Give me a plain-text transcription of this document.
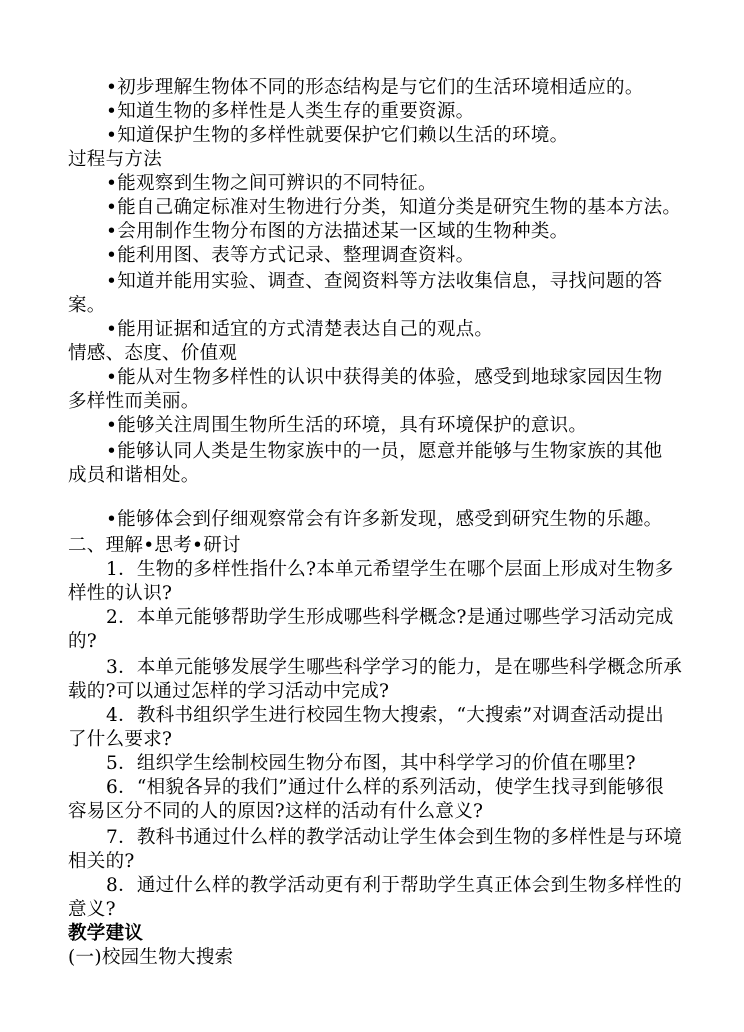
•初步理解生物体不同的形态结构是与它们的生活环境相适应的。
•知道生物的多样性是人类生存的重要资源。
•知道保护生物的多样性就要保护它们赖以生活的环境。
过程与方法
•能观察到生物之间可辨识的不同特征。
•能自己确定标准对生物进行分类，知道分类是研究生物的基本方法。
•会用制作生物分布图的方法描述某一区域的生物种类。
•能利用图、表等方式记录、整理调查资料。
•知道并能用实验、调查、查阅资料等方法收集信息，寻找问题的答
案。
•能用证据和适宜的方式清楚表达自己的观点。
情感、态度、价值观
•能从对生物多样性的认识中获得美的体验，感受到地球家园因生物
多样性而美丽。
•能够关注周围生物所生活的环境，具有环境保护的意识。
•能够认同人类是生物家族中的一员，愿意并能够与生物家族的其他
成员和谐相处。
•能够体会到仔细观察常会有许多新发现，感受到研究生物的乐趣。
二、理解•思考•研讨
1．生物的多样性指什么?本单元希望学生在哪个层面上形成对生物多
样性的认识?
2．本单元能够帮助学生形成哪些科学概念?是通过哪些学习活动完成
的?
3．本单元能够发展学生哪些科学学习的能力，是在哪些科学概念所承
载的?可以通过怎样的学习活动中完成?
4．教科书组织学生进行校园生物大搜索，“大搜索”对调查活动提出
了什么要求?
5．组织学生绘制校园生物分布图，其中科学学习的价值在哪里?
6．“相貌各异的我们”通过什么样的系列活动，使学生找寻到能够很
容易区分不同的人的原因?这样的活动有什么意义?
7．教科书通过什么样的教学活动让学生体会到生物的多样性是与环境
相关的?
8．通过什么样的教学活动更有利于帮助学生真正体会到生物多样性的
意义?
教学建议
(一)校园生物大搜索
